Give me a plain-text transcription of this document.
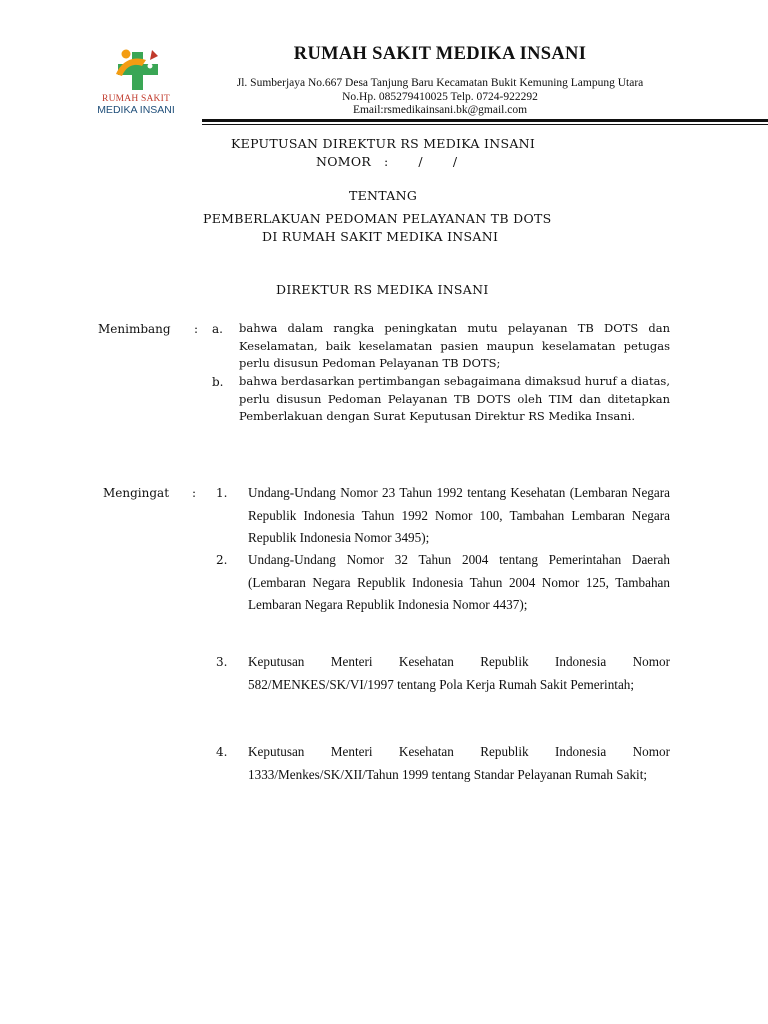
RUMAH SAKIT
MEDIKA INSANI
RUMAH SAKIT MEDIKA INSANI
Jl. Sumberjaya No.667 Desa Tanjung Baru Kecamatan Bukit Kemuning Lampung Utara
No.Hp. 085279410025 Telp. 0724-922292
Email:rsmedikainsani.bk@gmail.com
KEPUTUSAN DIREKTUR RS MEDIKA INSANI
NOMOR   :       /       /
TENTANG
PEMBERLAKUAN PEDOMAN PELAYANAN TB DOTS
DI RUMAH SAKIT MEDIKA INSANI
DIREKTUR RS MEDIKA INSANI
Menimbang : a. bahwa dalam rangka peningkatan mutu pelayanan TB DOTS dan Keselamatan, baik keselamatan pasien maupun keselamatan petugas perlu disusun Pedoman Pelayanan TB DOTS;
b. bahwa berdasarkan pertimbangan sebagaimana dimaksud huruf a diatas, perlu disusun Pedoman Pelayanan TB DOTS oleh TIM dan ditetapkan Pemberlakuan dengan Surat Keputusan Direktur RS Medika Insani.
Mengingat : 1. Undang-Undang Nomor 23 Tahun 1992 tentang Kesehatan (Lembaran Negara Republik Indonesia Tahun 1992 Nomor 100, Tambahan Lembaran Negara Republik Indonesia Nomor 3495);
2. Undang-Undang Nomor 32 Tahun 2004 tentang Pemerintahan Daerah (Lembaran Negara Republik Indonesia Tahun 2004 Nomor 125, Tambahan Lembaran Negara Republik Indonesia Nomor 4437);
3. Keputusan Menteri Kesehatan Republik Indonesia Nomor 582/MENKES/SK/VI/1997 tentang Pola Kerja Rumah Sakit Pemerintah;
4. Keputusan Menteri Kesehatan Republik Indonesia Nomor 1333/Menkes/SK/XII/Tahun 1999 tentang Standar Pelayanan Rumah Sakit;
